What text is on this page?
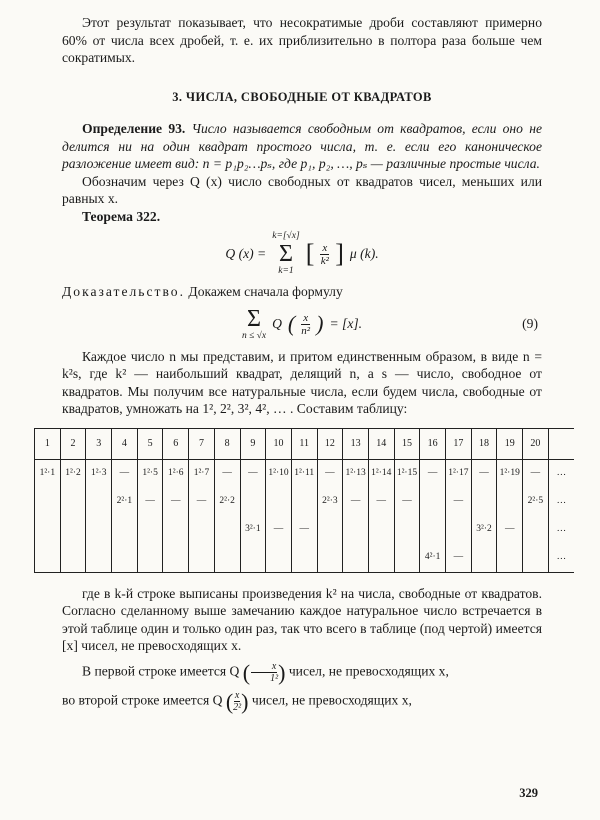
Этот результат показывает, что несократимые дроби составляют примерно 60% от числа всех дробей, т. е. их приблизительно в полтора раза больше чем сократимых.

3. ЧИСЛА, СВОБОДНЫЕ ОТ КВАДРАТОВ

Определение 93. Число называется свободным от квадратов, если оно не делится ни на один квадрат простого числа, т. е. если его каноническое разложение имеет вид: n = p₁p₂…pₛ, где p₁, p₂, …, pₛ — различные простые числа.

Обозначим через Q (x) число свободных от квадратов чисел, меньших или равных x.

Теорема 322.

Q (x) =
k=[√x]
Σ
k=1
[ $\frac{x}{\text{k²}}$ ] μ (k).

Доказательство. Докажем сначала формулу

Σ
n ≤ √x
Q ( $\frac{x}{\text{n²}}$ ) = [x].	(9)

Каждое число n мы представим, и притом единственным образом, в виде n = k²s, где k² — наибольший квадрат, делящий n, а s — число, свободное от квадратов. Мы получим все натуральные числа, если будем числа, свободные от квадратов, умножать на 1², 2², 3², 4², … . Составим таблицу:

1	2	3	4	5	6	7	8	9	10	11	12	13	14	15	16	17	18	19	20	
1²·1	1²·2	1²·3	—	1²·5	1²·6	1²·7	—	—	1²·10	1²·11	—	1²·13	1²·14	1²·15	—	1²·17	—	1²·19	—	…
			2²·1	—	—	—	2²·2				2²·3	—	—	—		—			2²·5	…
								3²·1	—	—							3²·2	—		…
															4²·1	—				…

где в k-й строке выписаны произведения k² на числа, свободные от квадратов. Согласно сделанному выше замечанию каждое натуральное число встречается в этой таблице один и только один раз, так что всего в таблице (под чертой) имеется [x] чисел, не превосходящих x.

В первой строке имеется Q ( $\frac{x}{\text{1²}}$ ) чисел, не превосходящих x,

во второй строке имеется Q ( $\frac{x}{\text{2²}}$ ) чисел, не превосходящих x,

329
